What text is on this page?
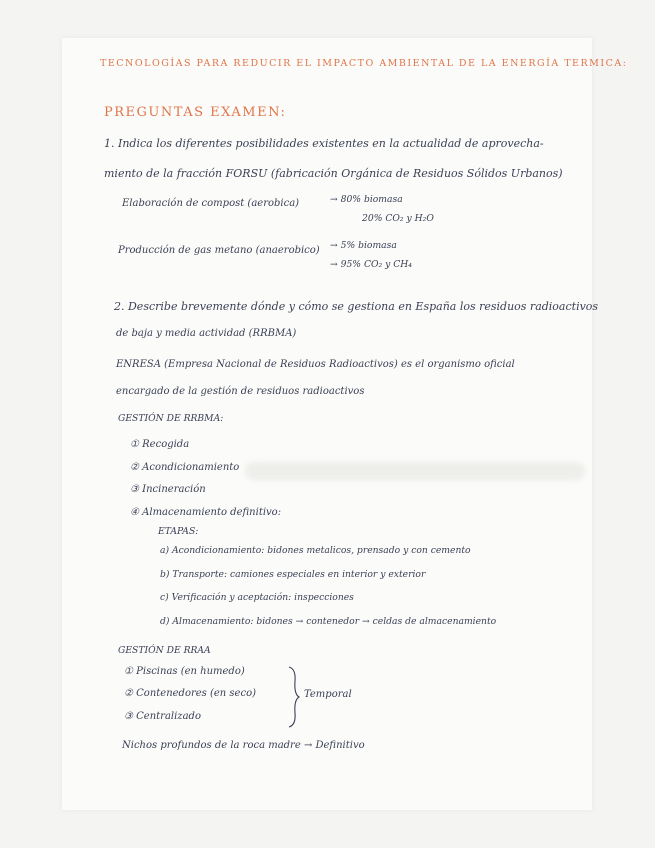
TECNOLOGÍAS PARA REDUCIR EL IMPACTO AMBIENTAL DE LA ENERGÍA TERMICA:
PREGUNTAS EXAMEN:
1. Indica los diferentes posibilidades existentes en la actualidad de aprovecha-
miento de la fracción FORSU (fabricación Orgánica de Residuos Sólidos Urbanos)
Elaboración de compost (aerobica)	→ 80% biomasa
20% CO₂ y H₂O
Producción de gas metano (anaerobico) → 5% biomasa
→ 95% CO₂ y CH₄
2. Describe brevemente dónde y cómo se gestiona en España los residuos radioactivos
de baja y media actividad (RRBMA)
ENRESA (Empresa Nacional de Residuos Radioactivos) es el organismo oficial
encargado de la gestión de residuos radioactivos
GESTIÓN DE RRBMA:
① Recogida
② Acondicionamiento
③ Incineración
④ Almacenamiento definitivo:
ETAPAS:
a) Acondicionamiento: bidones metalicos, prensado y con cemento
b) Transporte: camiones especiales en interior y exterior
c) Verificación y aceptación: inspecciones
d) Almacenamiento: bidones → contenedor → celdas de almacenamiento
GESTIÓN DE RRAA
① Piscinas (en humedo)
② Contenedores (en seco)
③ Centralizado
Temporal
Nichos profundos de la roca madre → Definitivo
